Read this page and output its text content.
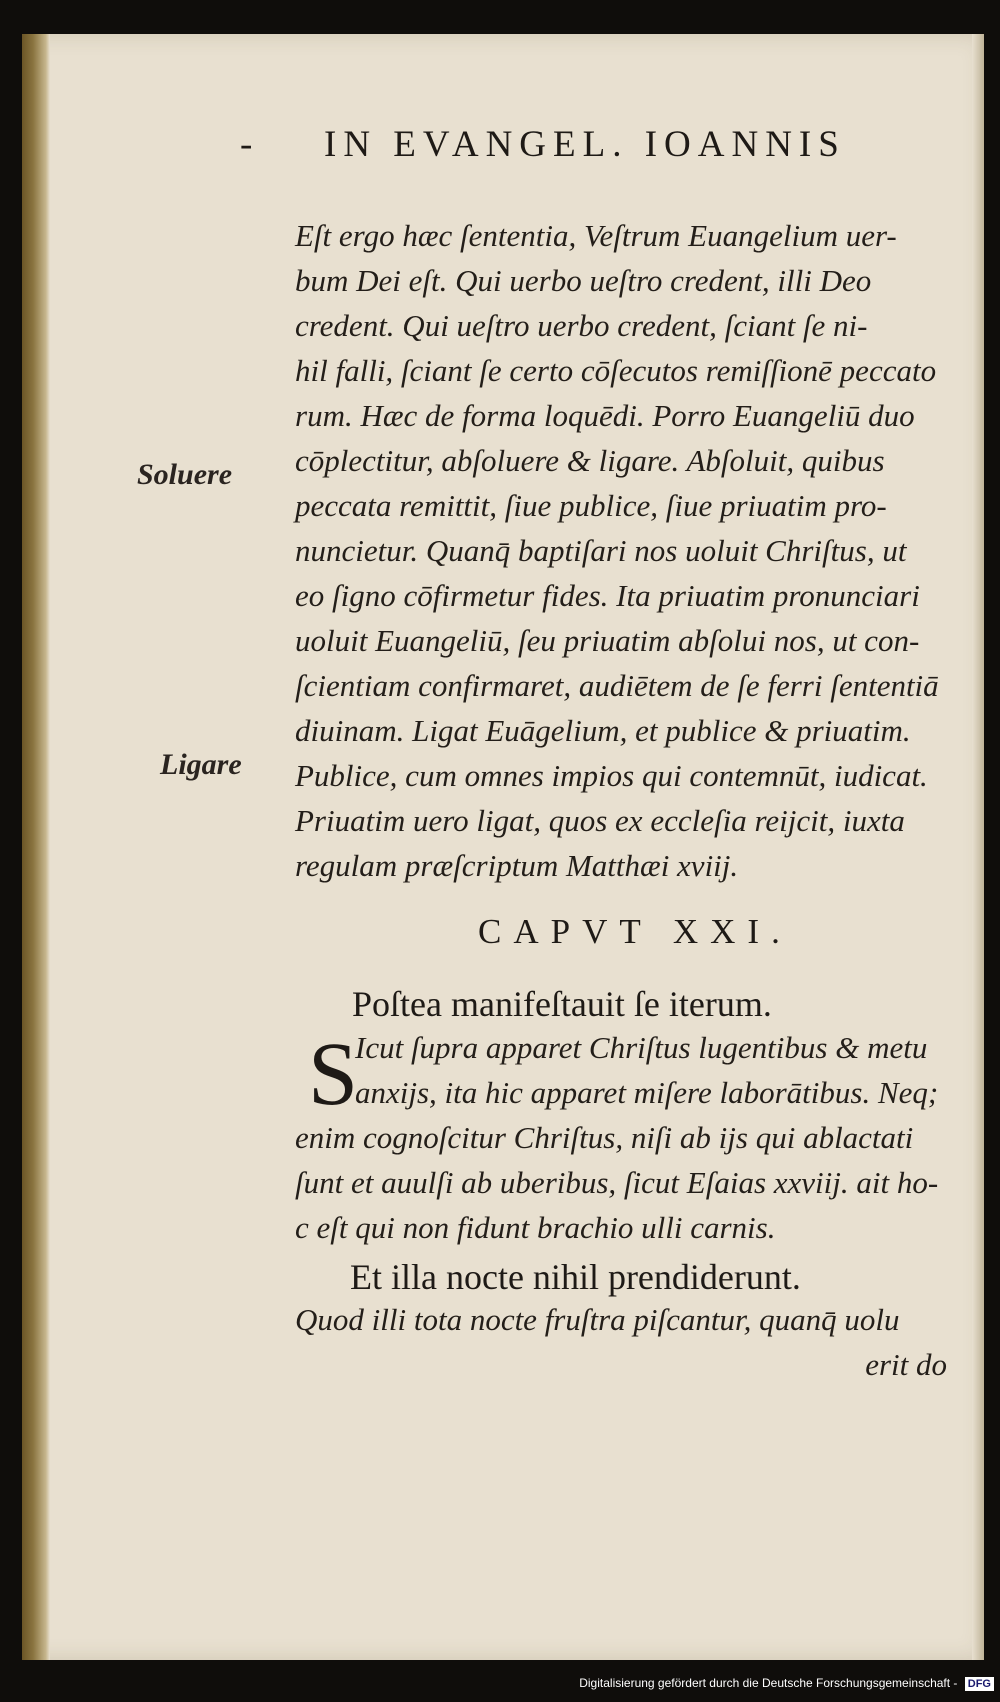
- IN EVANGEL. IOANNIS
Soluere
Ligare
Eſt ergo hæc ſententia, Veſtrum Euangelium uer-
bum Dei eſt. Qui uerbo ueſtro credent, illi Deo
credent. Qui ueſtro uerbo credent, ſciant ſe ni-
hil falli, ſciant ſe certo cōſecutos remiſſionē peccato
rum. Hæc de forma loquēdi. Porro Euangeliū duo
cōplectitur, abſoluere & ligare. Abſoluit, quibus
peccata remittit, ſiue publice, ſiue priuatim pro-
nuncietur. Quanq̄ baptiſari nos uoluit Chriſtus, ut
eo ſigno cōfirmetur fides. Ita priuatim pronunciari
uoluit Euangeliū, ſeu priuatim abſolui nos, ut con-
ſcientiam confirmaret, audiētem de ſe ferri ſententiā
diuinam. Ligat Euāgelium, et publice & priuatim.
Publice, cum omnes impios qui contemnūt, iudicat.
Priuatim uero ligat, quos ex eccleſia reijcit, iuxta
regulam præſcriptum Matthæi xviij.
CAPVT XXI.
Poſtea manifeſtauit ſe iterum.
S
Icut ſupra apparet Chriſtus lugentibus & metu
anxijs, ita hic apparet miſere laborātibus. Neq;
enim cognoſcitur Chriſtus, niſi ab ijs qui ablactati
ſunt et auulſi ab uberibus, ſicut Eſaias xxviij. ait ho-
c eſt qui non fidunt brachio ulli carnis.
Et illa nocte nihil prendiderunt.
Quod illi tota nocte fruſtra piſcantur, quanq̄ uolu
erit do
Digitalisierung gefördert durch die Deutsche Forschungsgemeinschaft - DFG
